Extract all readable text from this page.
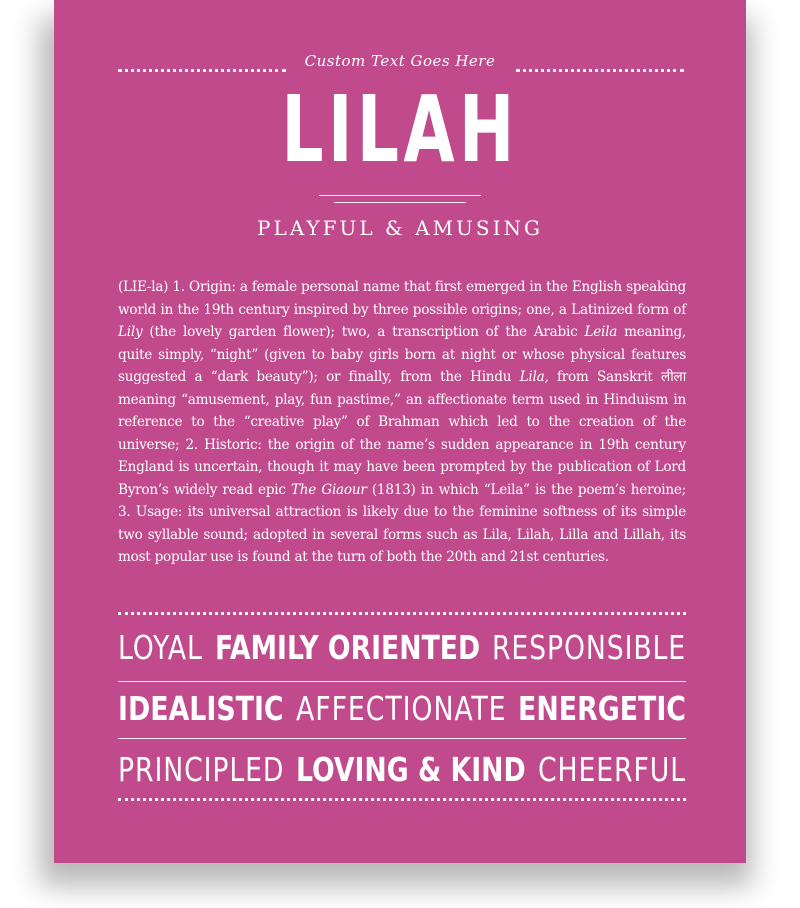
Custom Text Goes Here
LILAH
PLAYFUL & AMUSING
(LIE-la) 1. Origin: a female personal name that first emerged in the English speaking world in the 19th century inspired by three possible origins; one, a Latinized form of Lily (the lovely garden flower); two, a transcription of the Arabic Leila meaning, quite simply, “night” (given to baby girls born at night or whose physical features suggested a “dark beauty”); or finally, from the Hindu Lila, from Sanskrit लीला meaning “amusement, play, fun pastime,” an affectionate term used in Hinduism in reference to the “creative play” of Brahman which led to the creation of the universe; 2. Historic: the origin of the name’s sudden appearance in 19th century England is uncertain, though it may have been prompted by the publication of Lord Byron’s widely read epic The Giaour (1813) in which “Leila” is the poem’s heroine; 3. Usage: its universal attraction is likely due to the feminine softness of its simple two syllable sound; adopted in several forms such as Lila, Lilah, Lilla and Lillah, its most popular use is found at the turn of both the 20th and 21st centuries.
LOYAL FAMILY ORIENTED RESPONSIBLE
IDEALISTIC AFFECTIONATE ENERGETIC
PRINCIPLED LOVING & KIND CHEERFUL
